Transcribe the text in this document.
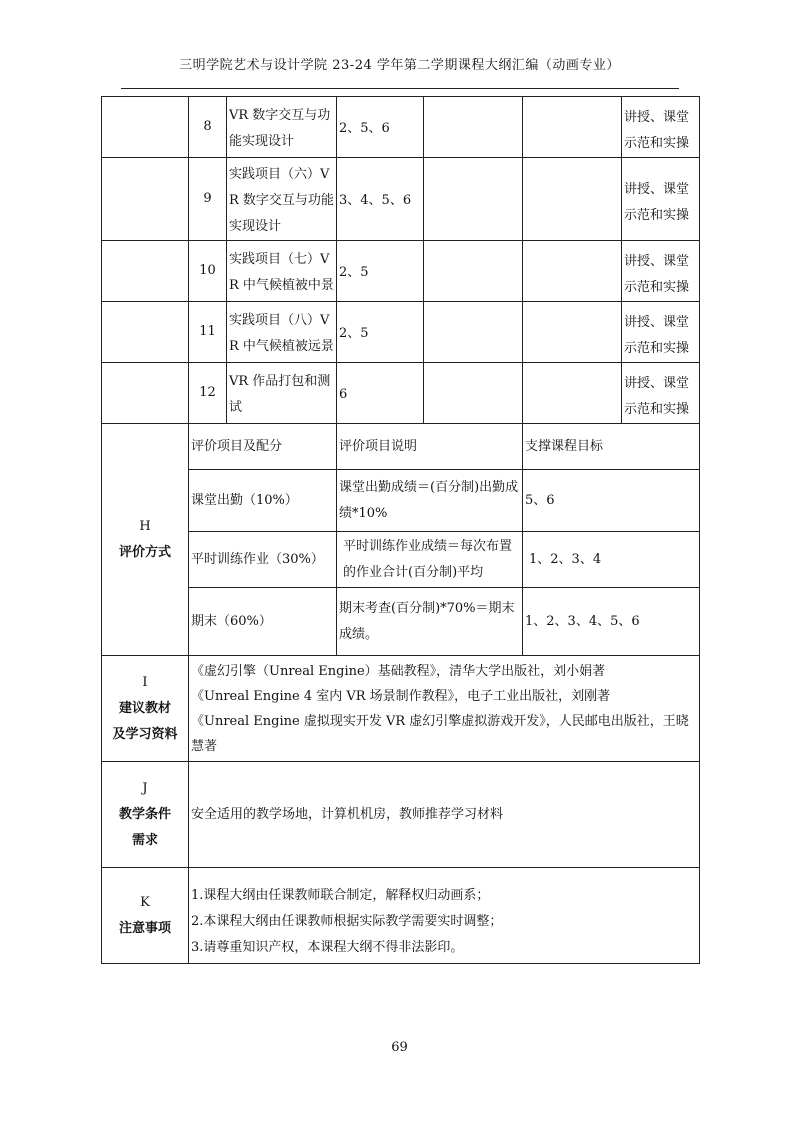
三明学院艺术与设计学院 23-24 学年第二学期课程大纲汇编（动画专业）
	8	VR 数字交互与功能实现设计	2、5、6			讲授、课堂示范和实操
	9	实践项目（六）VR 数字交互与功能实现设计	3、4、5、6			讲授、课堂示范和实操
	10	实践项目（七）VR 中气候植被中景	2、5			讲授、课堂示范和实操
	11	实践项目（八）VR 中气候植被远景	2、5			讲授、课堂示范和实操
	12	VR 作品打包和测试	6			讲授、课堂示范和实操

H
评价方式	评价项目及配分		评价项目说明		支撑课程目标	
	课堂出勤（10%）		课堂出勤成绩＝(百分制)出勤成绩*10%		5、6	
	平时训练作业（30%）		平时训练作业成绩＝每次布置的作业合计(百分制)平均		1、2、3、4	
	期末（60%）		期末考查(百分制)*70%＝期末成绩。		1、2、3、4、5、6	

I
建议教材
及学习资料	《虚幻引擎（Unreal Engine）基础教程》，清华大学出版社，刘小娟著
《Unreal Engine 4 室内 VR 场景制作教程》，电子工业出版社，刘刚著
《Unreal Engine 虚拟现实开发 VR 虚幻引擎虚拟游戏开发》，人民邮电出版社，王晓慧著					

J
教学条件
需求	安全适用的教学场地，计算机机房，教师推荐学习材料					

K
注意事项	1.课程大纲由任课教师联合制定，解释权归动画系；
2.本课程大纲由任课教师根据实际教学需要实时调整；
3.请尊重知识产权，本课程大纲不得非法影印。					
69
